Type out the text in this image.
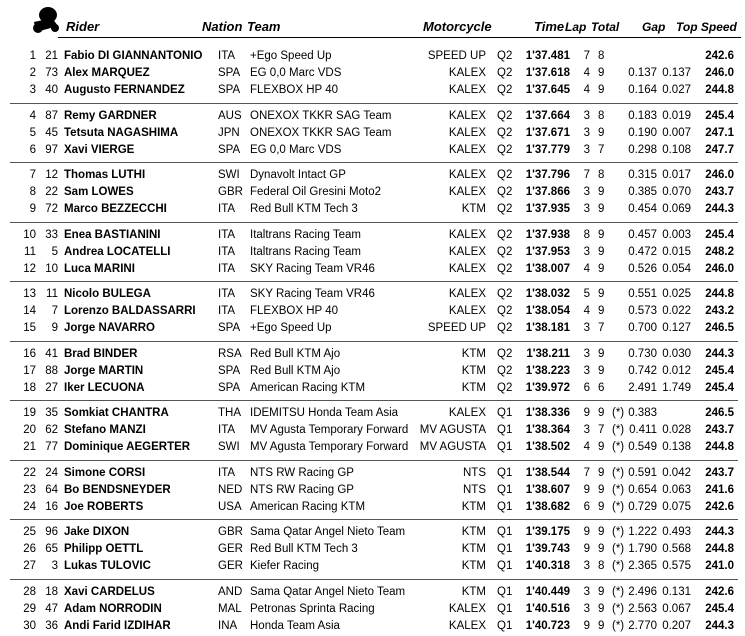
Rider	Nation Team	Motorcycle	Time Lap Total Gap Top Speed
1 21 Fabio DI GIANNANTONIO	ITA +Ego Speed Up	SPEED UP Q2	1'37.481	7 8	242.6
2 73 Alex MARQUEZ	SPA EG 0,0 Marc VDS	KALEX Q2	1'37.618	4 9	0.137 0.137	246.0
3 40 Augusto FERNANDEZ	SPA FLEXBOX HP 40	KALEX Q2	1'37.645	4 9	0.164 0.027	244.8
4 87 Remy GARDNER	AUS ONEXOX TKKR SAG Team	KALEX Q2	1'37.664	3 8	0.183 0.019	245.4
5 45 Tetsuta NAGASHIMA	JPN ONEXOX TKKR SAG Team	KALEX Q2	1'37.671	3 9	0.190 0.007	247.1
6 97 Xavi VIERGE	SPA EG 0,0 Marc VDS	KALEX Q2	1'37.779	3 7	0.298 0.108	247.7
7 12 Thomas LUTHI	SWI Dynavolt Intact GP	KALEX Q2	1'37.796	7 8	0.315 0.017	246.0
8 22 Sam LOWES	GBR Federal Oil Gresini Moto2	KALEX Q2	1'37.866	3 9	0.385 0.070	243.7
9 72 Marco BEZZECCHI	ITA Red Bull KTM Tech 3	KTM Q2	1'37.935	3 9	0.454 0.069	244.3
10 33 Enea BASTIANINI	ITA Italtrans Racing Team	KALEX Q2	1'37.938	8 9	0.457 0.003	245.4
11	5 Andrea LOCATELLI	ITA Italtrans Racing Team	KALEX Q2	1'37.953	3 9	0.472 0.015	248.2
12 10 Luca MARINI	ITA SKY Racing Team VR46	KALEX Q2	1'38.007	4 9	0.526 0.054	246.0
13 11 Nicolo BULEGA	ITA SKY Racing Team VR46	KALEX Q2	1'38.032	5 9	0.551 0.025	244.8
14	7 Lorenzo BALDASSARRI	ITA FLEXBOX HP 40	KALEX Q2	1'38.054	4 9	0.573 0.022	243.2
15	9 Jorge NAVARRO	SPA +Ego Speed Up	SPEED UP Q2	1'38.181	3 7	0.700 0.127	246.5
16 41 Brad BINDER	RSA Red Bull KTM Ajo	KTM Q2	1'38.211	3 9	0.730 0.030	244.3
17 88 Jorge MARTIN	SPA Red Bull KTM Ajo	KTM Q2	1'38.223	3 9	0.742 0.012	245.4
18 27 Iker LECUONA	SPA American Racing KTM	KTM Q2	1'39.972	6 6	2.491 1.749	245.4
19 35 Somkiat CHANTRA	THA IDEMITSU Honda Team Asia	KALEX Q1	1'38.336	9 9 (*) 0.383	246.5
20 62 Stefano MANZI	ITA MV Agusta Temporary Forward MV AGUSTA Q1	1'38.364	3 7 (*) 0.411 0.028	243.7
21 77 Dominique AEGERTER	SWI MV Agusta Temporary Forward MV AGUSTA Q1	1'38.502	4 9 (*) 0.549 0.138	244.8
22 24 Simone CORSI	ITA NTS RW Racing GP	NTS Q1	1'38.544	7 9 (*) 0.591 0.042	243.7
23 64 Bo BENDSNEYDER	NED NTS RW Racing GP	NTS Q1	1'38.607	9 9 (*) 0.654 0.063	241.6
24 16 Joe ROBERTS	USA American Racing KTM	KTM Q1	1'38.682	6 9 (*) 0.729 0.075	242.6
25 96 Jake DIXON	GBR Sama Qatar Angel Nieto Team	KTM Q1	1'39.175	9 9 (*) 1.222 0.493	244.3
26 65 Philipp OETTL	GER Red Bull KTM Tech 3	KTM Q1	1'39.743	9 9 (*) 1.790 0.568	244.8
27	3 Lukas TULOVIC	GER Kiefer Racing	KTM Q1	1'40.318	3 8 (*) 2.365 0.575	241.0
28 18 Xavi CARDELUS	AND Sama Qatar Angel Nieto Team	KTM Q1	1'40.449	3 9 (*) 2.496 0.131	242.6
29 47 Adam NORRODIN	MAL Petronas Sprinta Racing	KALEX Q1	1'40.516	3 9 (*) 2.563 0.067	245.4
30 36 Andi Farid IZDIHAR	INA Honda Team Asia	KALEX Q1	1'40.723	9 9 (*) 2.770 0.207	244.3
